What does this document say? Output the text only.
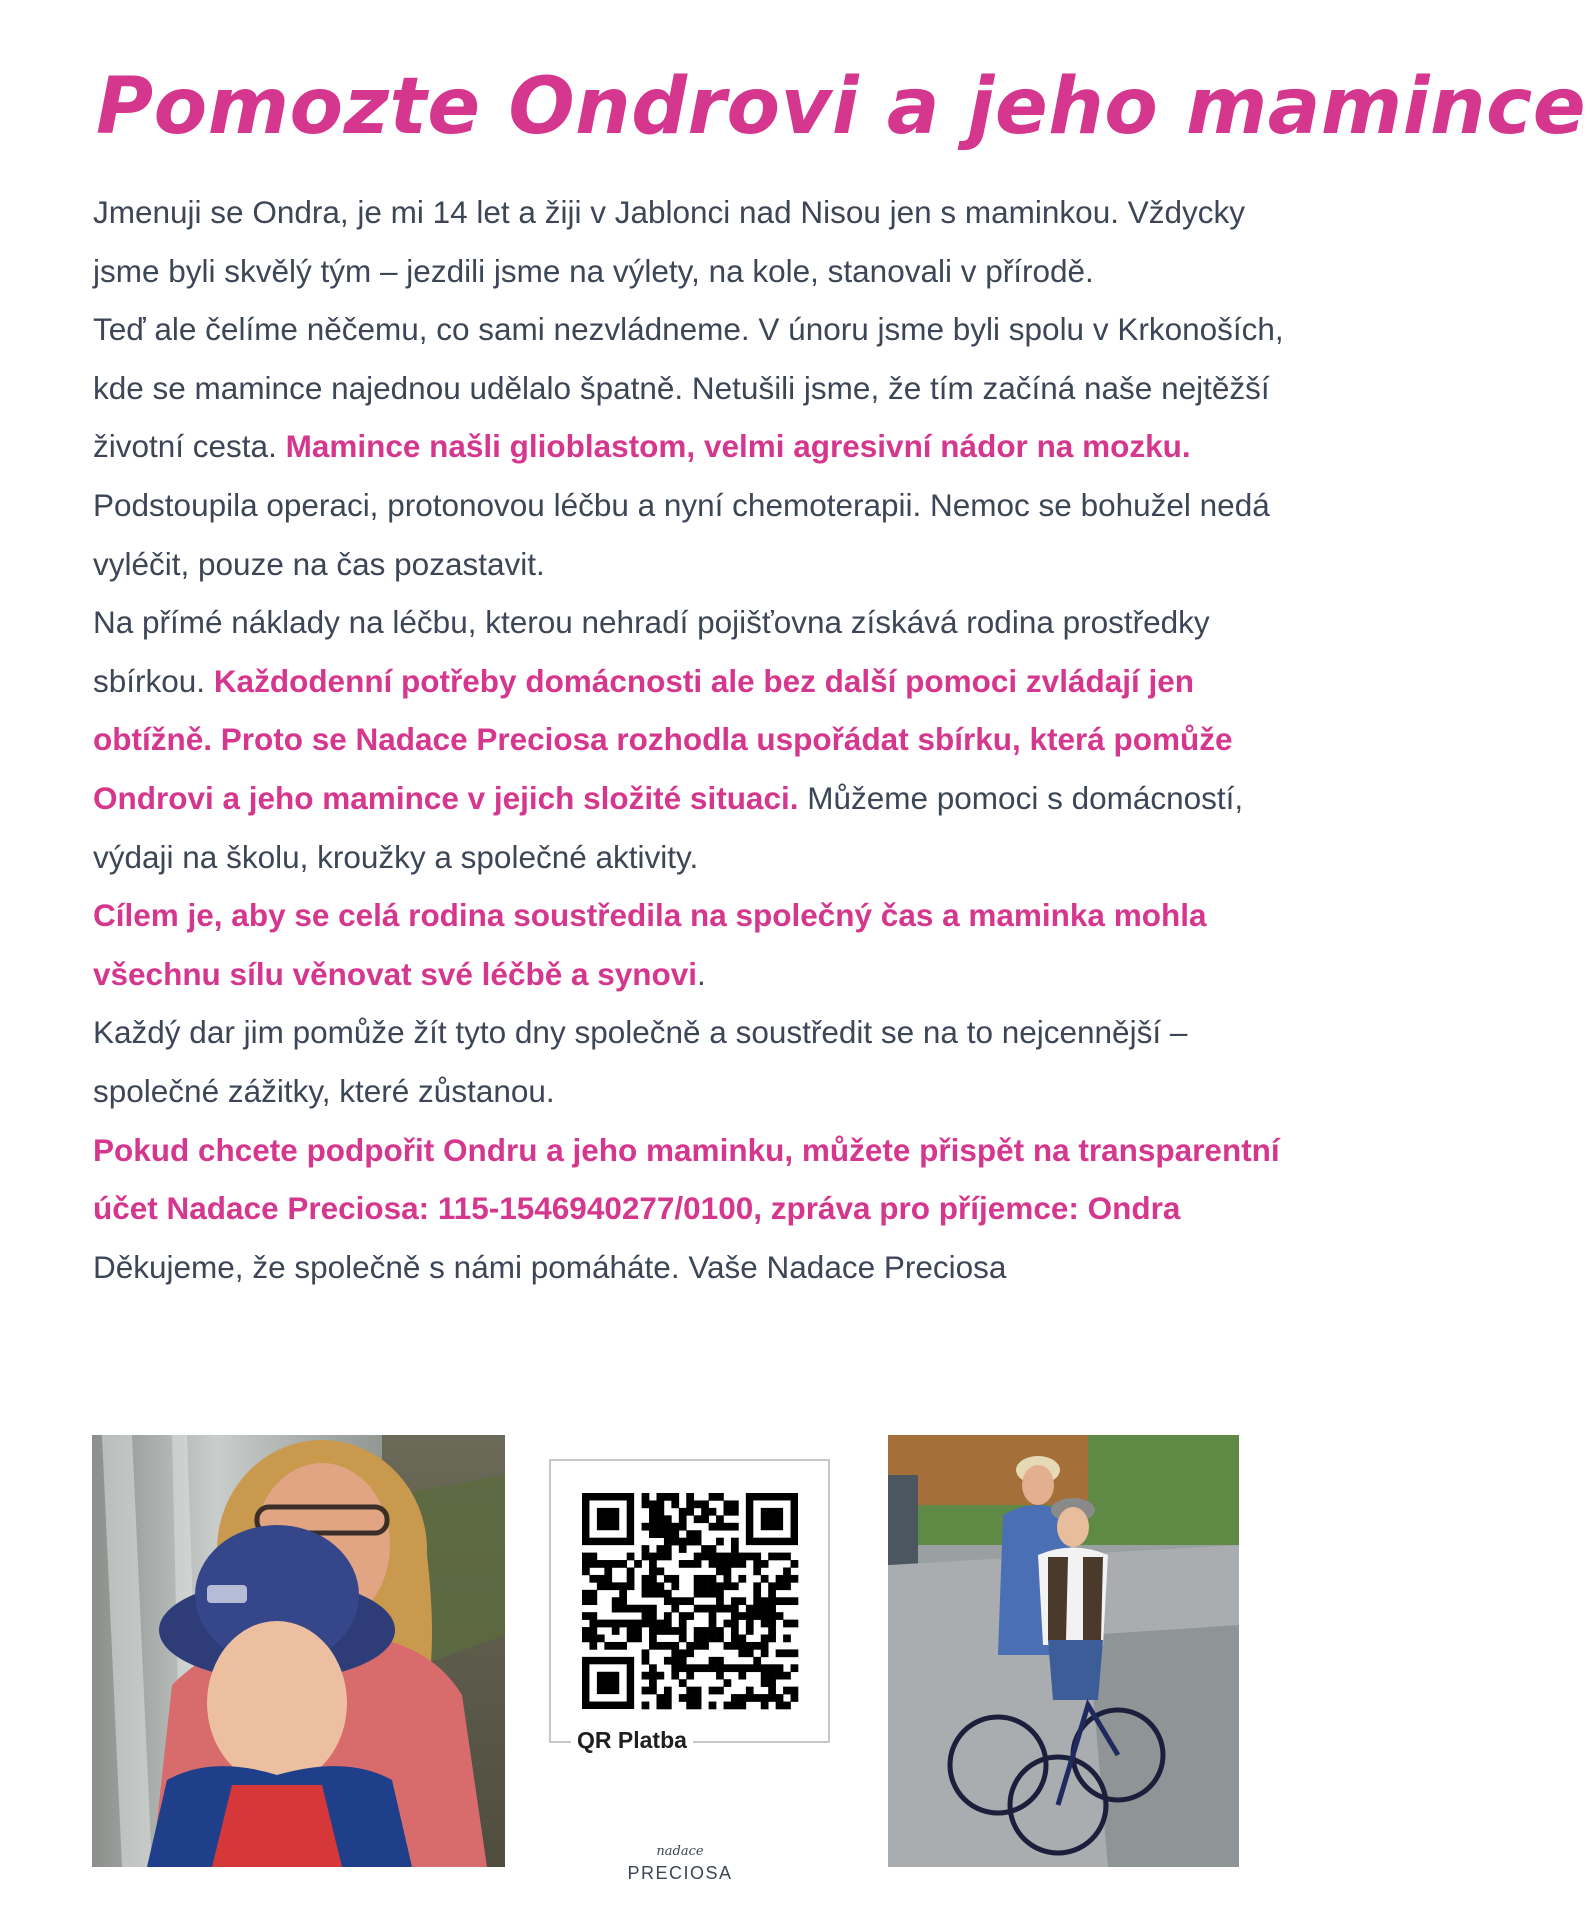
Pomozte Ondrovi a jeho mamince

Jmenuji se Ondra, je mi 14 let a žiji v Jablonci nad Nisou jen s maminkou. Vždycky jsme byli skvělý tým – jezdili jsme na výlety, na kole, stanovali v přírodě.

Teď ale čelíme něčemu, co sami nezvládneme. V únoru jsme byli spolu v Krkonoších, kde se mamince najednou udělalo špatně. Netušili jsme, že tím začíná naše nejtěžší životní cesta. Mamince našli glioblastom, velmi agresivní nádor na mozku. Podstoupila operaci, protonovou léčbu a nyní chemoterapii. Nemoc se bohužel nedá vyléčit, pouze na čas pozastavit.

Na přímé náklady na léčbu, kterou nehradí pojišťovna získává rodina prostředky sbírkou. Každodenní potřeby domácnosti ale bez další pomoci zvládají jen obtížně. Proto se Nadace Preciosa rozhodla uspořádat sbírku, která pomůže Ondrovi a jeho mamince v jejich složité situaci. Můžeme pomoci s domácností, výdaji na školu, kroužky a společné aktivity.

Cílem je, aby se celá rodina soustředila na společný čas a maminka mohla všechnu sílu věnovat své léčbě a synovi.

Každý dar jim pomůže žít tyto dny společně a soustředit se na to nejcennější – společné zážitky, které zůstanou.

Pokud chcete podpořit Ondru a jeho maminku, můžete přispět na transparentní účet Nadace Preciosa: 115-1546940277/0100, zpráva pro příjemce: Ondra

Děkujeme, že společně s námi pomáháte. Vaše Nadace Preciosa

QR Platba
nadace
PRECIOSA
